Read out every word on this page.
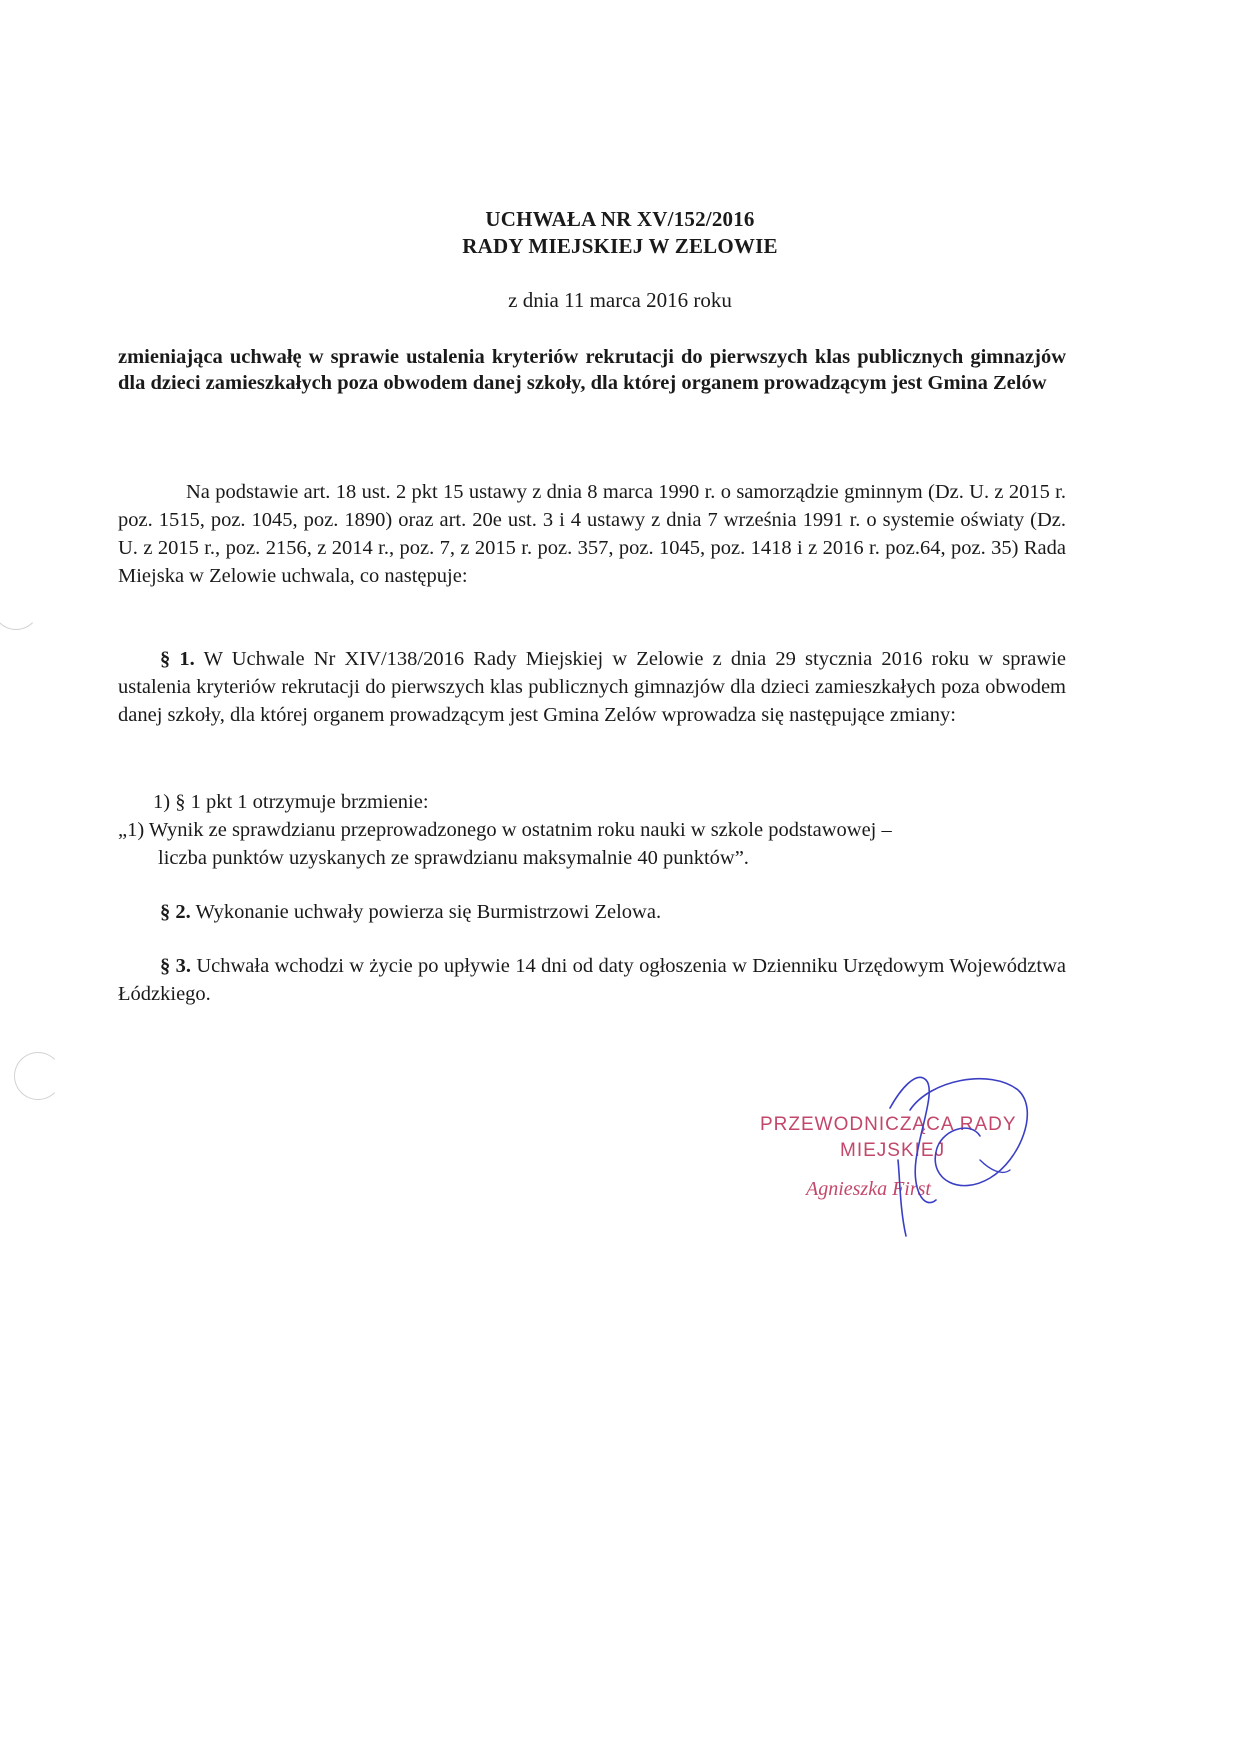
UCHWAŁA NR XV/152/2016
RADY MIEJSKIEJ W ZELOWIE
z dnia 11 marca 2016 roku
zmieniająca uchwałę w sprawie ustalenia kryteriów rekrutacji do pierwszych klas publicznych gimnazjów dla dzieci zamieszkałych poza obwodem danej szkoły, dla której organem prowadzącym jest Gmina Zelów
Na podstawie art. 18 ust. 2 pkt 15 ustawy z dnia 8 marca 1990 r. o samorządzie gminnym (Dz. U. z 2015 r. poz. 1515, poz. 1045, poz. 1890) oraz art. 20e ust. 3 i 4 ustawy z dnia 7 września 1991 r. o systemie oświaty (Dz. U. z 2015 r., poz. 2156, z 2014 r., poz. 7, z 2015 r. poz. 357, poz. 1045, poz. 1418 i z 2016 r. poz.64, poz. 35) Rada Miejska w Zelowie uchwala, co następuje:
§ 1. W Uchwale Nr XIV/138/2016 Rady Miejskiej w Zelowie z dnia 29 stycznia 2016 roku w sprawie ustalenia kryteriów rekrutacji do pierwszych klas publicznych gimnazjów dla dzieci zamieszkałych poza obwodem danej szkoły, dla której organem prowadzącym jest Gmina Zelów wprowadza się następujące zmiany:
1) § 1 pkt 1 otrzymuje brzmienie:
„1) Wynik ze sprawdzianu przeprowadzonego w ostatnim roku nauki w szkole podstawowej –
liczba punktów uzyskanych ze sprawdzianu maksymalnie 40 punktów”.
§ 2. Wykonanie uchwały powierza się Burmistrzowi Zelowa.
§ 3. Uchwała wchodzi w życie po upływie 14 dni od daty ogłoszenia w Dzienniku Urzędowym Województwa Łódzkiego.
PRZEWODNICZĄCA RADY
MIEJSKIEJ
Agnieszka First
